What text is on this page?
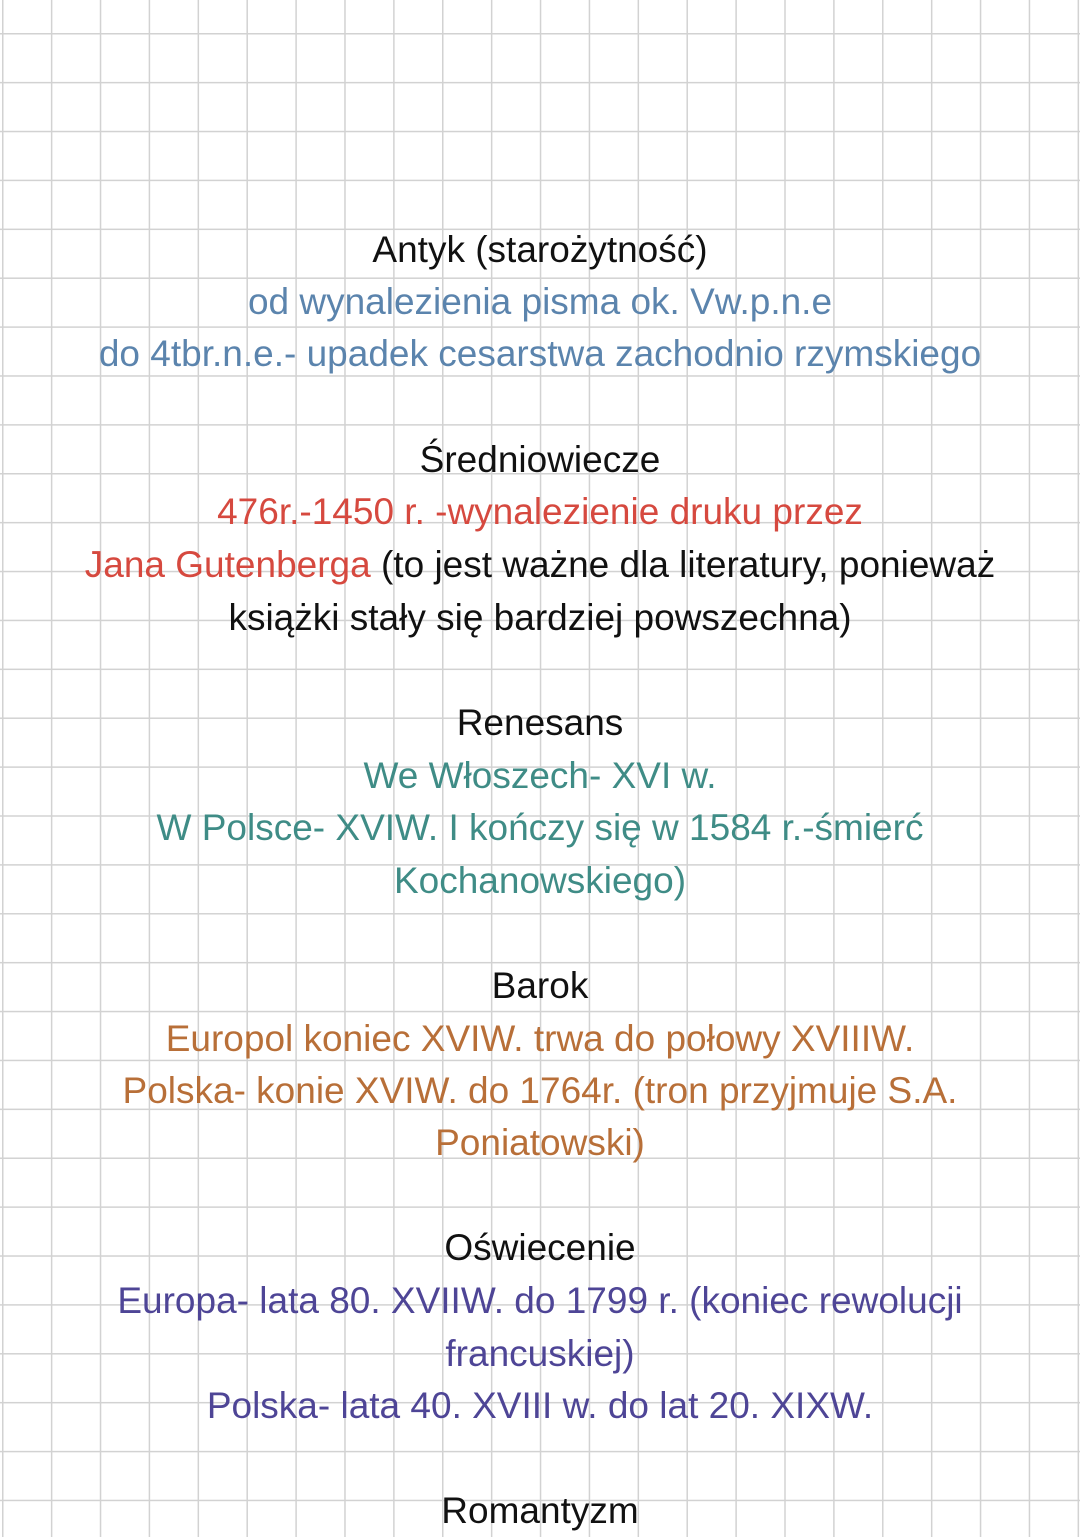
Antyk (starożytność)
od wynalezienia pisma ok. Vw.p.n.e
do 4tbr.n.e.- upadek cesarstwa zachodnio rzymskiego
Średniowiecze
476r.-1450 r. -wynalezienie druku przez
Jana Gutenberga (to jest ważne dla literatury, ponieważ
książki stały się bardziej powszechna)
Renesans
We Włoszech- XVI w.
W Polsce- XVIW. I kończy się w 1584 r.-śmierć
Kochanowskiego)
Barok
Europol koniec XVIW. trwa do połowy XVIIIW.
Polska- konie XVIW. do 1764r. (tron przyjmuje S.A.
Poniatowski)
Oświecenie
Europa- lata 80. XVIIW. do 1799 r. (koniec rewolucji
francuskiej)
Polska- lata 40. XVIII w. do lat 20. XIXW.
Romantyzm
